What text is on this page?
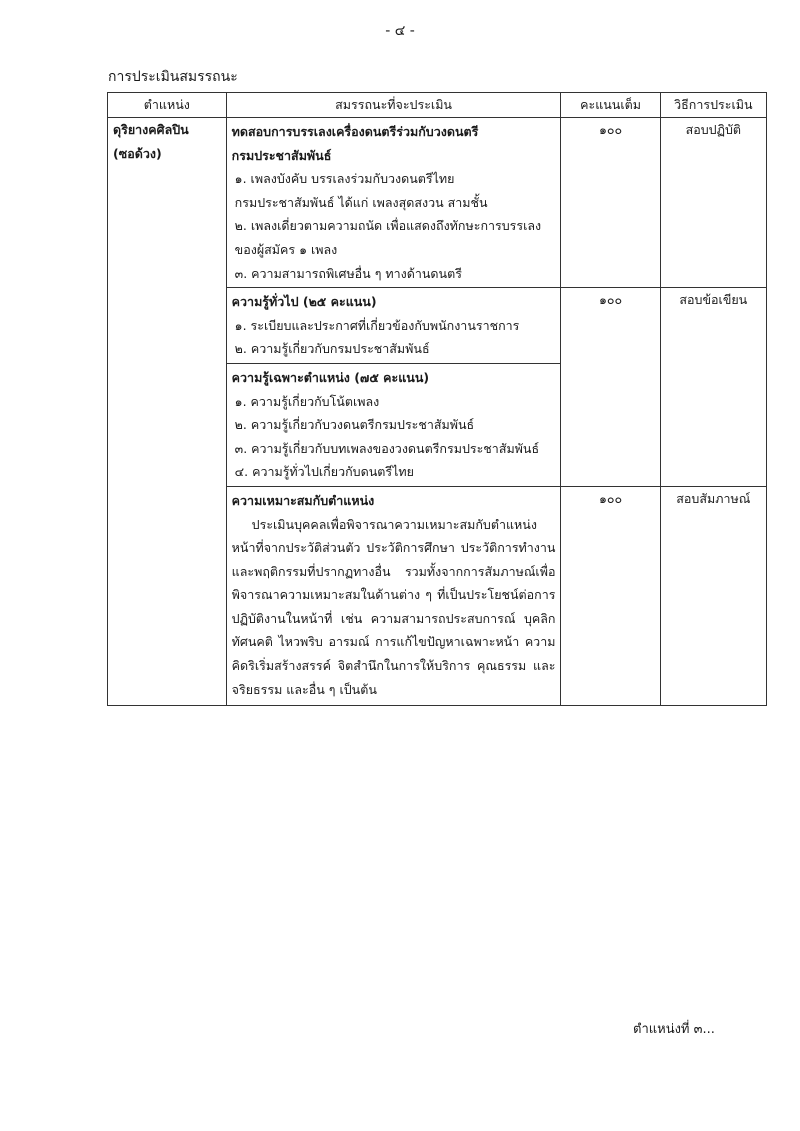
- ๔ -
การประเมินสมรรถนะ
ตำแหน่ง	สมรรถนะที่จะประเมิน	คะแนนเต็ม	วิธีการประเมิน

ดุริยางคศิลปิน
(ซอด้วง)

ทดสอบการบรรเลงเครื่องดนตรีร่วมกับวงดนตรี
กรมประชาสัมพันธ์
๑. เพลงบังคับ บรรเลงร่วมกับวงดนตรีไทย
กรมประชาสัมพันธ์ ได้แก่ เพลงสุดสงวน สามชั้น
๒. เพลงเดี่ยวตามความถนัด เพื่อแสดงถึงทักษะการบรรเลง
ของผู้สมัคร ๑ เพลง
๓. ความสามารถพิเศษอื่น ๆ ทางด้านดนตรี
	๑๐๐	สอบปฏิบัติ

	ความรู้ทั่วไป (๒๕ คะแนน)
๑. ระเบียบและประกาศที่เกี่ยวข้องกับพนักงานราชการ
๒. ความรู้เกี่ยวกับกรมประชาสัมพันธ์	๑๐๐	สอบข้อเขียน

	ความรู้เฉพาะตำแหน่ง (๗๕ คะแนน)
๑. ความรู้เกี่ยวกับโน้ตเพลง
๒. ความรู้เกี่ยวกับวงดนตรีกรมประชาสัมพันธ์
๓. ความรู้เกี่ยวกับบทเพลงของวงดนตรีกรมประชาสัมพันธ์
๔. ความรู้ทั่วไปเกี่ยวกับดนตรีไทย		

	ความเหมาะสมกับตำแหน่ง
ประเมินบุคคลเพื่อพิจารณาความเหมาะสมกับตำแหน่งหน้าที่จากประวัติส่วนตัว ประวัติการศึกษา ประวัติการทำงาน และพฤติกรรมที่ปรากฏทางอื่น รวมทั้งจากการสัมภาษณ์เพื่อพิจารณาความเหมาะสมในด้านต่าง ๆ ที่เป็นประโยชน์ต่อการปฏิบัติงานในหน้าที่ เช่น ความสามารถประสบการณ์ บุคลิก ทัศนคติ ไหวพริบ อารมณ์ การแก้ไขปัญหาเฉพาะหน้า ความคิดริเริ่มสร้างสรรค์ จิตสำนึกในการให้บริการ คุณธรรม และจริยธรรม และอื่น ๆ เป็นต้น	๑๐๐	สอบสัมภาษณ์
ตำแหน่งที่ ๓...
